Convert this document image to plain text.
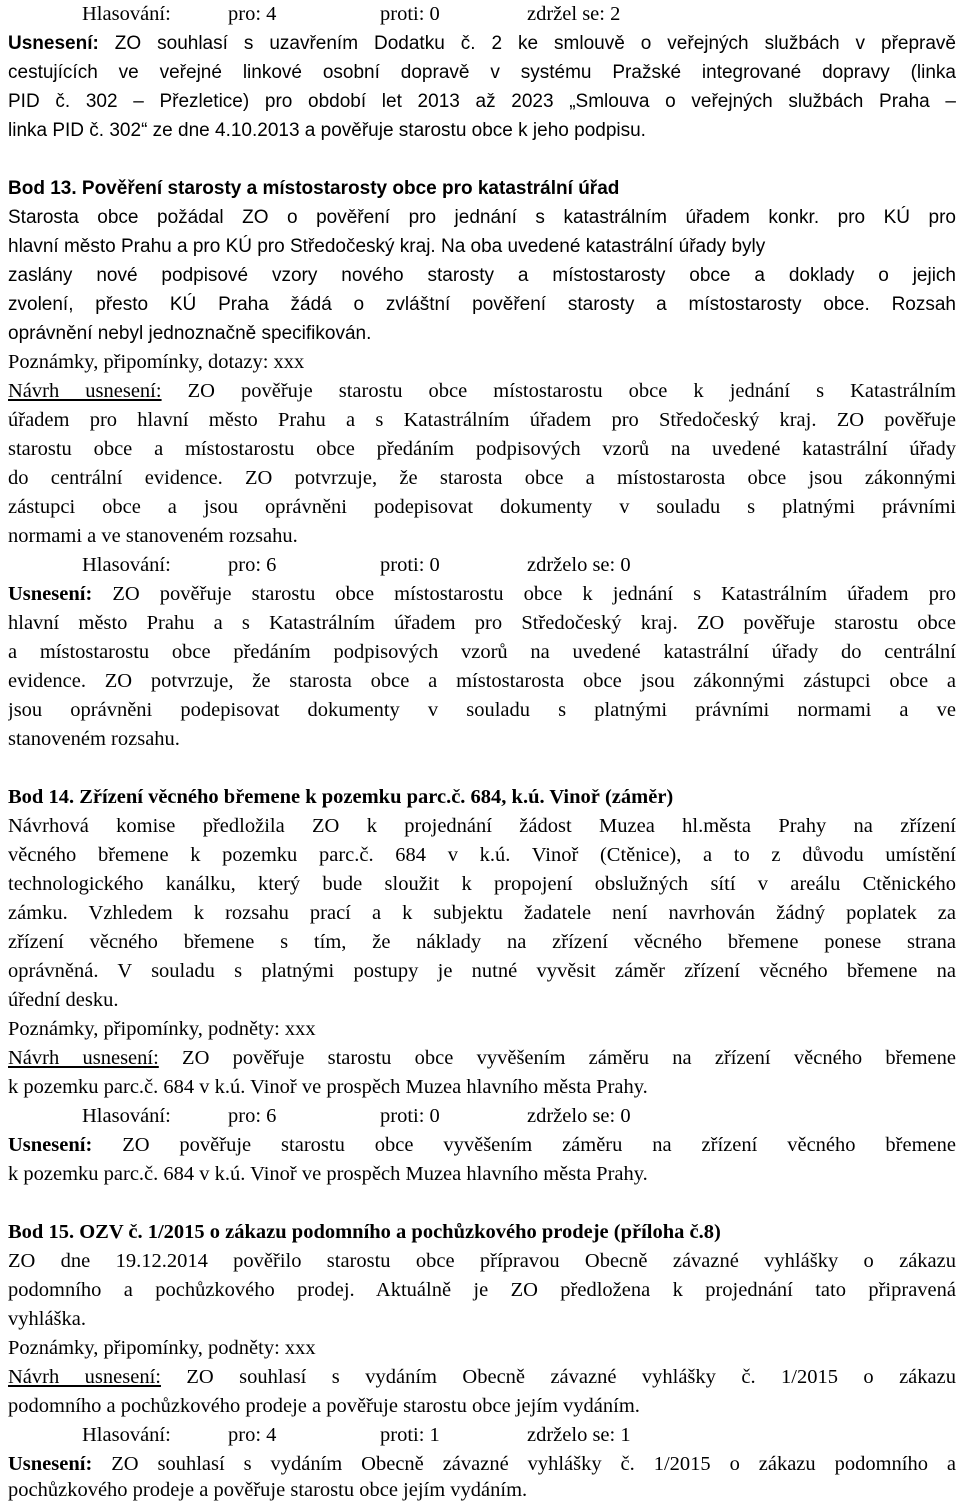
Hlasování:	pro: 4	proti: 0	zdržel se: 2
Usnesení: ZO souhlasí s uzavřením Dodatku č. 2 ke smlouvě o veřejných službách v přepravě
cestujících ve veřejné linkové osobní dopravě v systému Pražské integrované dopravy (linka
PID č. 302 – Přezletice) pro období let 2013 až 2023 „Smlouva o veřejných službách Praha –
linka PID č. 302“ ze dne 4.10.2013 a pověřuje starostu obce k jeho podpisu.
Bod 13. Pověření starosty a místostarosty obce pro katastrální úřad
Starosta obce požádal ZO o pověření pro jednání s katastrálním úřadem konkr. pro KÚ pro
hlavní město Prahu a pro KÚ pro Středočeský kraj. Na oba uvedené katastrální úřady byly
zaslány nové podpisové vzory nového starosty a místostarosty obce a doklady o jejich
zvolení, přesto KÚ Praha žádá o zvláštní pověření starosty a místostarosty obce. Rozsah
oprávnění nebyl jednoznačně specifikován.
Poznámky, připomínky, dotazy: xxx
Návrh usnesení: ZO pověřuje starostu obce místostarostu obce k jednání s Katastrálním
úřadem pro hlavní město Prahu a s Katastrálním úřadem pro Středočeský kraj. ZO pověřuje
starostu obce a místostarostu obce předáním podpisových vzorů na uvedené katastrální úřady
do centrální evidence. ZO potvrzuje, že starosta obce a místostarosta obce jsou zákonnými
zástupci obce a jsou oprávněni podepisovat dokumenty v souladu s platnými právními
normami a ve stanoveném rozsahu.
Hlasování:	pro: 6	proti: 0	zdrželo se: 0
Usnesení: ZO pověřuje starostu obce místostarostu obce k jednání s Katastrálním úřadem pro
hlavní město Prahu a s Katastrálním úřadem pro Středočeský kraj. ZO pověřuje starostu obce
a místostarostu obce předáním podpisových vzorů na uvedené katastrální úřady do centrální
evidence. ZO potvrzuje, že starosta obce a místostarosta obce jsou zákonnými zástupci obce a
jsou oprávněni podepisovat dokumenty v souladu s platnými právními normami a ve
stanoveném rozsahu.
Bod 14. Zřízení věcného břemene k pozemku parc.č. 684, k.ú. Vinoř (záměr)
Návrhová komise předložila ZO k projednání žádost Muzea hl.města Prahy na zřízení
věcného břemene k pozemku parc.č. 684 v k.ú. Vinoř (Ctěnice), a to z důvodu umístění
technologického kanálku, který bude sloužit k propojení obslužných sítí v areálu Ctěnického
zámku. Vzhledem k rozsahu prací a k subjektu žadatele není navrhován žádný poplatek za
zřízení věcného břemene s tím, že náklady na zřízení věcného břemene ponese strana
oprávněná. V souladu s platnými postupy je nutné vyvěsit záměr zřízení věcného břemene na
úřední desku.
Poznámky, připomínky, podněty: xxx
Návrh usnesení: ZO pověřuje starostu obce vyvěšením záměru na zřízení věcného břemene
k pozemku parc.č. 684 v k.ú. Vinoř ve prospěch Muzea hlavního města Prahy.
Hlasování:	pro: 6	proti: 0	zdrželo se: 0
Usnesení: ZO pověřuje starostu obce vyvěšením záměru na zřízení věcného břemene
k pozemku parc.č. 684 v k.ú. Vinoř ve prospěch Muzea hlavního města Prahy.
Bod 15. OZV č. 1/2015 o zákazu podomního a pochůzkového prodeje (příloha č.8)
ZO dne 19.12.2014 pověřilo starostu obce přípravou Obecně závazné vyhlášky o zákazu
podomního a pochůzkového prodej. Aktuálně je ZO předložena k projednání tato připravená
vyhláška.
Poznámky, připomínky, podněty: xxx
Návrh usnesení: ZO souhlasí s vydáním Obecně závazné vyhlášky č. 1/2015 o zákazu
podomního a pochůzkového prodeje a pověřuje starostu obce jejím vydáním.
Hlasování:	pro: 4	proti: 1	zdrželo se: 1
Usnesení: ZO souhlasí s vydáním Obecně závazné vyhlášky č. 1/2015 o zákazu podomního a
pochůzkového prodeje a pověřuje starostu obce jejím vydáním.
